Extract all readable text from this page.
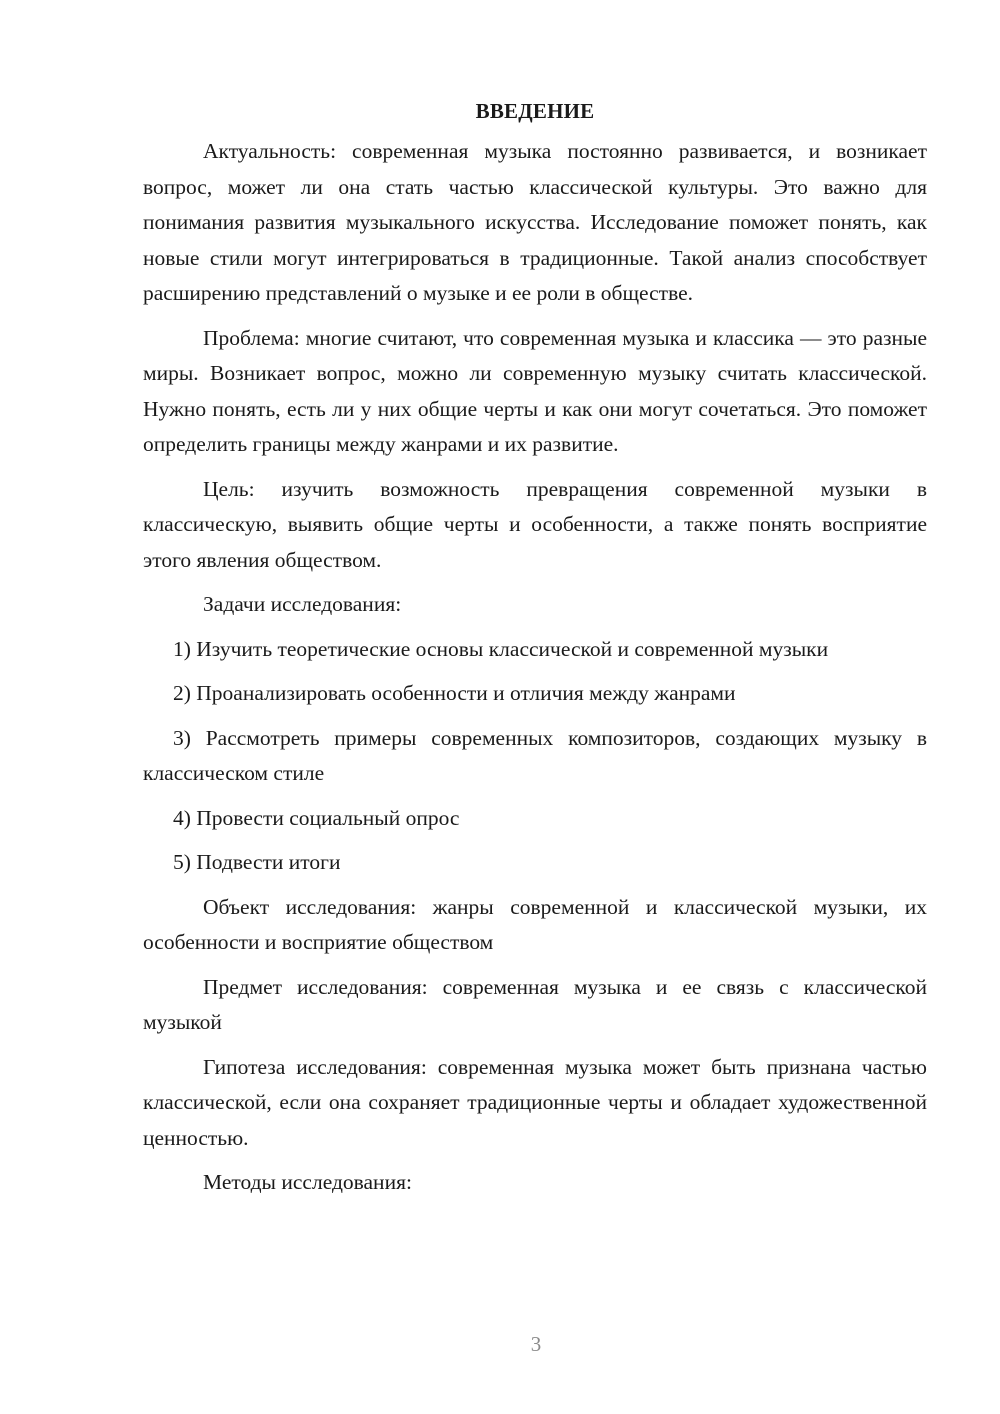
ВВЕДЕНИЕ

Актуальность: современная музыка постоянно развивается, и возникает вопрос, может ли она стать частью классической культуры. Это важно для понимания развития музыкального искусства. Исследование поможет понять, как новые стили могут интегрироваться в традиционные. Такой анализ способствует расширению представлений о музыке и ее роли в обществе.

Проблема: многие считают, что современная музыка и классика — это разные миры. Возникает вопрос, можно ли современную музыку считать классической. Нужно понять, есть ли у них общие черты и как они могут сочетаться. Это поможет определить границы между жанрами и их развитие.

Цель: изучить возможность превращения современной музыки в классическую, выявить общие черты и особенности, а также понять восприятие этого явления обществом.

Задачи исследования:

1) Изучить теоретические основы классической и современной музыки

2) Проанализировать особенности и отличия между жанрами

3) Рассмотреть примеры современных композиторов, создающих музыку в классическом стиле

4) Провести социальный опрос

5) Подвести итоги

Объект исследования: жанры современной и классической музыки, их особенности и восприятие обществом

Предмет исследования: современная музыка и ее связь с классической музыкой

Гипотеза исследования: современная музыка может быть признана частью классической, если она сохраняет традиционные черты и обладает художественной ценностью.

Методы исследования:

3
